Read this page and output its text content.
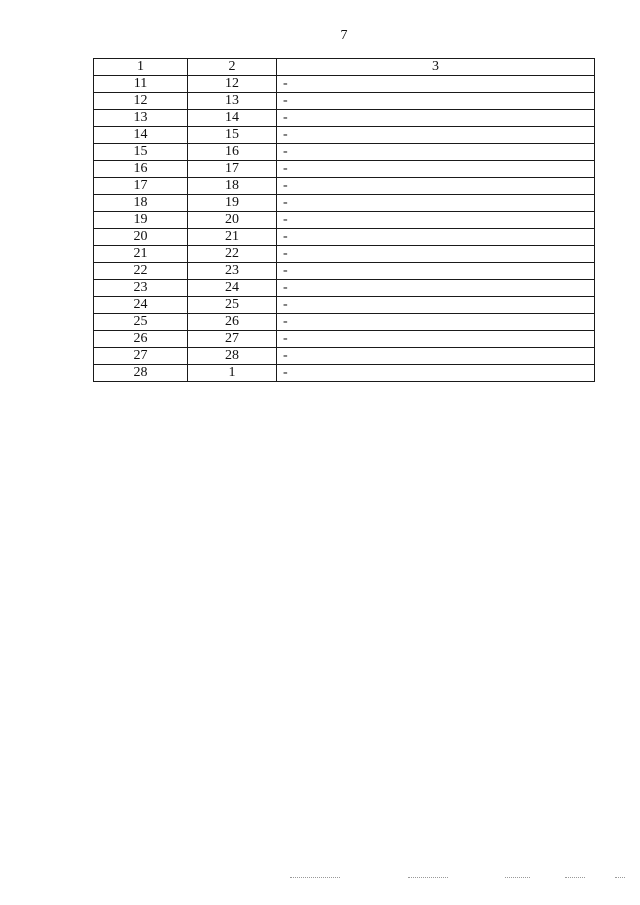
7
1	2	3
11	12	-
12	13	-
13	14	-
14	15	-
15	16	-
16	17	-
17	18	-
18	19	-
19	20	-
20	21	-
21	22	-
22	23	-
23	24	-
24	25	-
25	26	-
26	27	-
27	28	-
28	1	-
